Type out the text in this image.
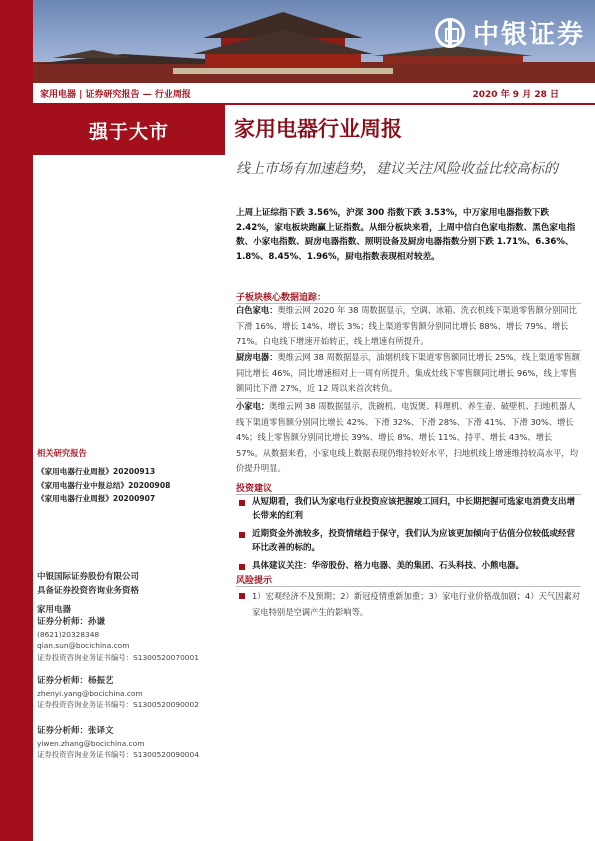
中银证券
家用电器 | 证券研究报告 — 行业周报	2020 年 9 月 28 日
强于大市	家用电器行业周报
线上市场有加速趋势，建议关注风险收益比较高标的
上周上证综指下跌 3.56%，沪深 300 指数下跌 3.53%，中万家用电器指数下跌 2.42%，家电板块跑赢上证指数。从细分板块来看，上周中信白色家电指数、黑色家电指数、小家电指数、厨房电器指数、照明设备及厨房电器指数分别下跌 1.71%、6.36%、1.8%、8.45%、1.96%，厨电指数表现相对较差。
子板块核心数据追踪：
白色家电：奥维云网 2020 年 38 周数据显示，空调、冰箱、洗衣机线下渠道零售额分别同比下滑 16%、增长 14%、增长 3%；线上渠道零售额分别同比增长 88%、增长 79%、增长 71%。白电线下增速开始转正，线上增速有所提升。
厨房电器：奥维云网 38 周数据显示，油烟机线下渠道零售额同比增长 25%，线上渠道零售额同比增长 46%，同比增速相对上一周有所提升。集成灶线下零售额同比增长 96%，线上零售额同比下滑 27%，近 12 周以来首次转负。
小家电：奥维云网 38 周数据显示，洗碗机、电饭煲、料理机、养生壶、破壁机、扫地机器人线下渠道零售额分别同比增长 42%、下滑 32%、下滑 28%、下滑 41%、下滑 30%、增长 4%；线上零售额分别同比增长 39%、增长 8%、增长 11%、持平、增长 43%、增长 57%。从数据来看，小家电线上数据表现仍维持较好水平，扫地机线上增速维持较高水平，均价提升明显。
投资建议
从短期看，我们认为家电行业投资应该把握竣工回归，中长期把握可选家电消费支出增长带来的红利
近期资金外流较多，投资情绪趋于保守，我们认为应该更加倾向于估值分位较低或经营环比改善的标的。
具体建议关注：华帝股份、格力电器、美的集团、石头科技、小熊电器。
风险提示
1）宏观经济不及预期；2）新冠疫情重新加重；3）家电行业价格战加剧；4）天气因素对家电特别是空调产生的影响等。
相关研究报告
《家用电器行业周报》20200913
《家用电器行业中报总结》20200908
《家用电器行业周报》20200907
中银国际证券股份有限公司
具备证券投资咨询业务资格
家用电器
证券分析师：孙谦
(8621)20328348
qian.sun@bocichina.com
证券投资咨询业务证书编号：S1300520070001
证券分析师：杨振艺
zhenyi.yang@bocichina.com
证券投资咨询业务证书编号：S1300520090002
证券分析师：张译文
yiwen.zhang@bocichina.com
证券投资咨询业务证书编号：S1300520090004
